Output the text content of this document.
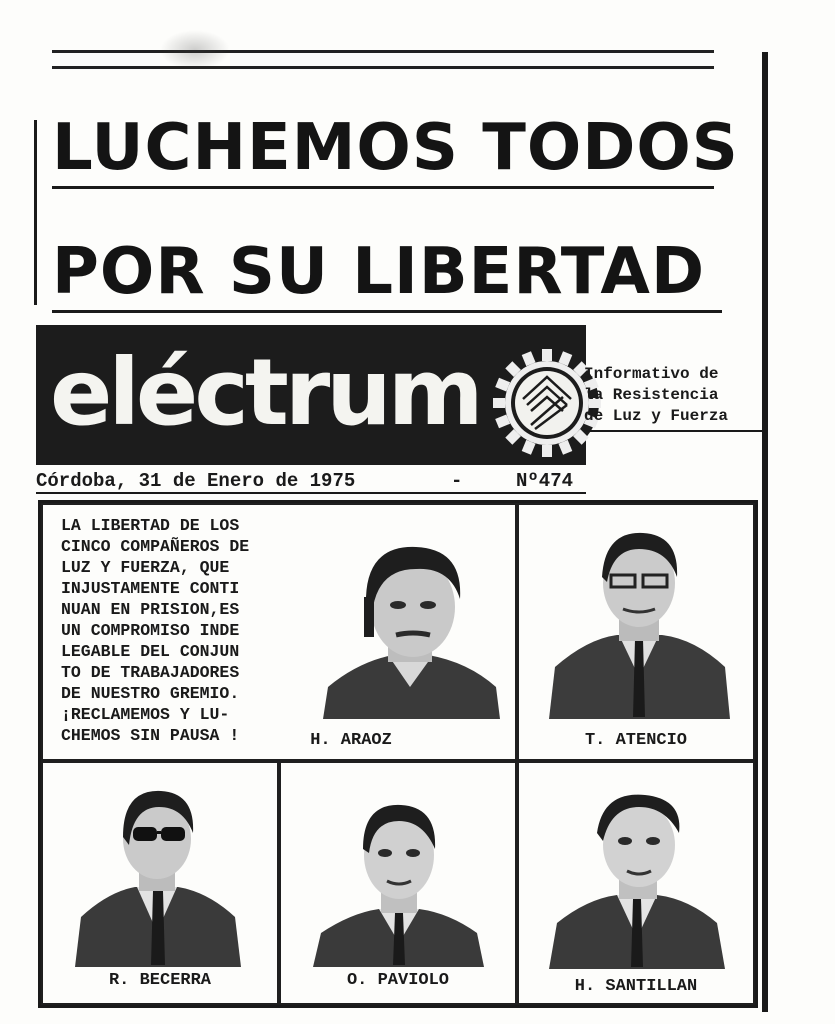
LUCHEMOS TODOS
POR SU LIBERTAD
eléctrum	Informativo de
la Resistencia
de Luz y Fuerza
Córdoba, 31 de Enero de 1975	-	Nº474
LA LIBERTAD DE LOS
CINCO COMPAÑEROS DE
LUZ Y FUERZA, QUE
INJUSTAMENTE CONTI
NUAN EN PRISION,ES
UN COMPROMISO INDE
LEGABLE DEL CONJUN
TO DE TRABAJADORES
DE NUESTRO GREMIO.
¡RECLAMEMOS Y LU-
CHEMOS SIN PAUSA !	H. ARAOZ	T. ATENCIO
R. BECERRA	O. PAVIOLO	H. SANTILLAN
